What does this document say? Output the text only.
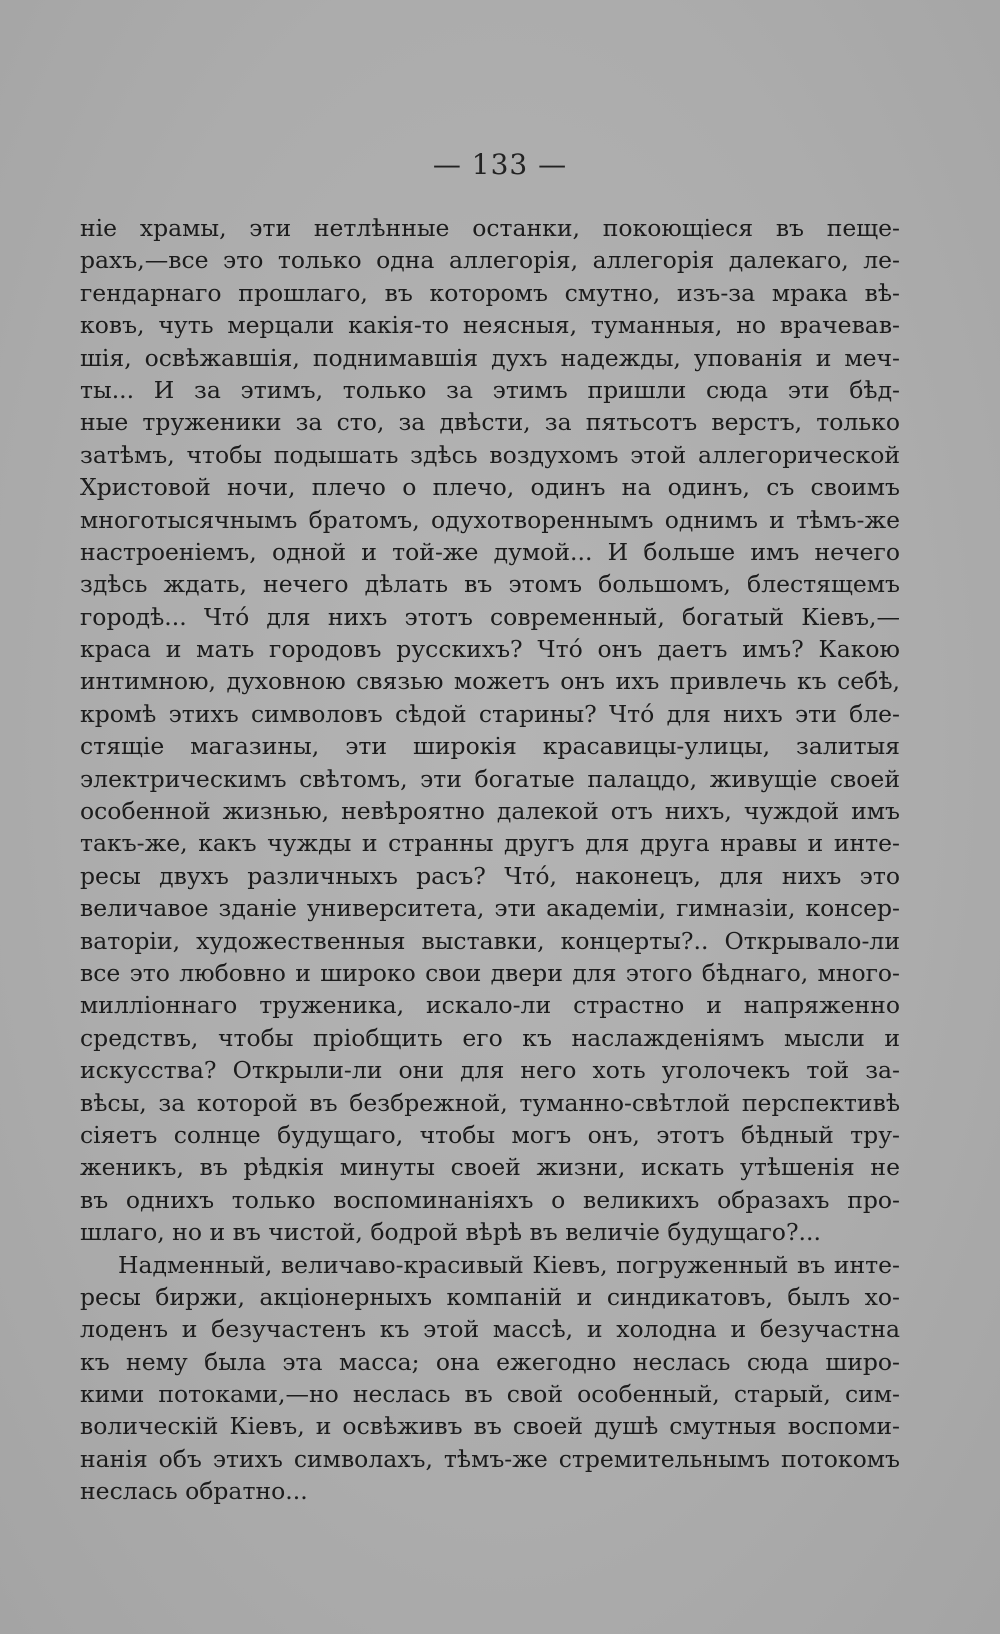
— 133 —
ніе храмы, эти нетлѣнные останки, покоющіеся въ пеще-
рахъ,—все это только одна аллегорія, аллегорія далекаго, ле-
гендарнаго прошлаго, въ которомъ смутно, изъ-за мрака вѣ-
ковъ, чуть мерцали какія-то неясныя, туманныя, но врачевав-
шія, освѣжавшія, поднимавшія духъ надежды, упованія и меч-
ты... И за этимъ, только за этимъ пришли сюда эти бѣд-
ные труженики за сто, за двѣсти, за пятьсотъ верстъ, только
затѣмъ, чтобы подышать здѣсь воздухомъ этой аллегорической
Христовой ночи, плечо о плечо, одинъ на одинъ, съ своимъ
многотысячнымъ братомъ, одухотвореннымъ однимъ и тѣмъ-же
настроеніемъ, одной и той-же думой... И больше имъ нечего
здѣсь ждать, нечего дѣлать въ этомъ большомъ, блестящемъ
городѣ... Чтó для нихъ этотъ современный, богатый Кіевъ,—
краса и мать городовъ русскихъ? Чтó онъ даетъ имъ? Какою
интимною, духовною связью можетъ онъ ихъ привлечь къ себѣ,
кромѣ этихъ символовъ сѣдой старины? Чтó для нихъ эти бле-
стящіе магазины, эти широкія красавицы-улицы, залитыя
электрическимъ свѣтомъ, эти богатые палацдо, живущіе своей
особенной жизнью, невѣроятно далекой отъ нихъ, чуждой имъ
такъ-же, какъ чужды и странны другъ для друга нравы и инте-
ресы двухъ различныхъ расъ? Чтó, наконецъ, для нихъ это
величавое зданіе университета, эти академіи, гимназіи, консер-
ваторіи, художественныя выставки, концерты?.. Открывало-ли
все это любовно и широко свои двери для этого бѣднаго, много-
милліоннаго труженика, искало-ли страстно и напряженно
средствъ, чтобы пріобщить его къ наслажденіямъ мысли и
искусства? Открыли-ли они для него хоть уголочекъ той за-
вѣсы, за которой въ безбрежной, туманно-свѣтлой перспективѣ
сіяетъ солнце будущаго, чтобы могъ онъ, этотъ бѣдный тру-
женикъ, въ рѣдкія минуты своей жизни, искать утѣшенія не
въ однихъ только воспоминаніяхъ о великихъ образахъ про-
шлаго, но и въ чистой, бодрой вѣрѣ въ величіе будущаго?...
Надменный, величаво-красивый Кіевъ, погруженный въ инте-
ресы биржи, акціонерныхъ компаній и синдикатовъ, былъ хо-
лоденъ и безучастенъ къ этой массѣ, и холодна и безучастна
къ нему была эта масса; она ежегодно неслась сюда широ-
кими потоками,—но неслась въ свой особенный, старый, сим-
волическій Кіевъ, и освѣживъ въ своей душѣ смутныя воспоми-
нанія объ этихъ символахъ, тѣмъ-же стремительнымъ потокомъ
неслась обратно...
